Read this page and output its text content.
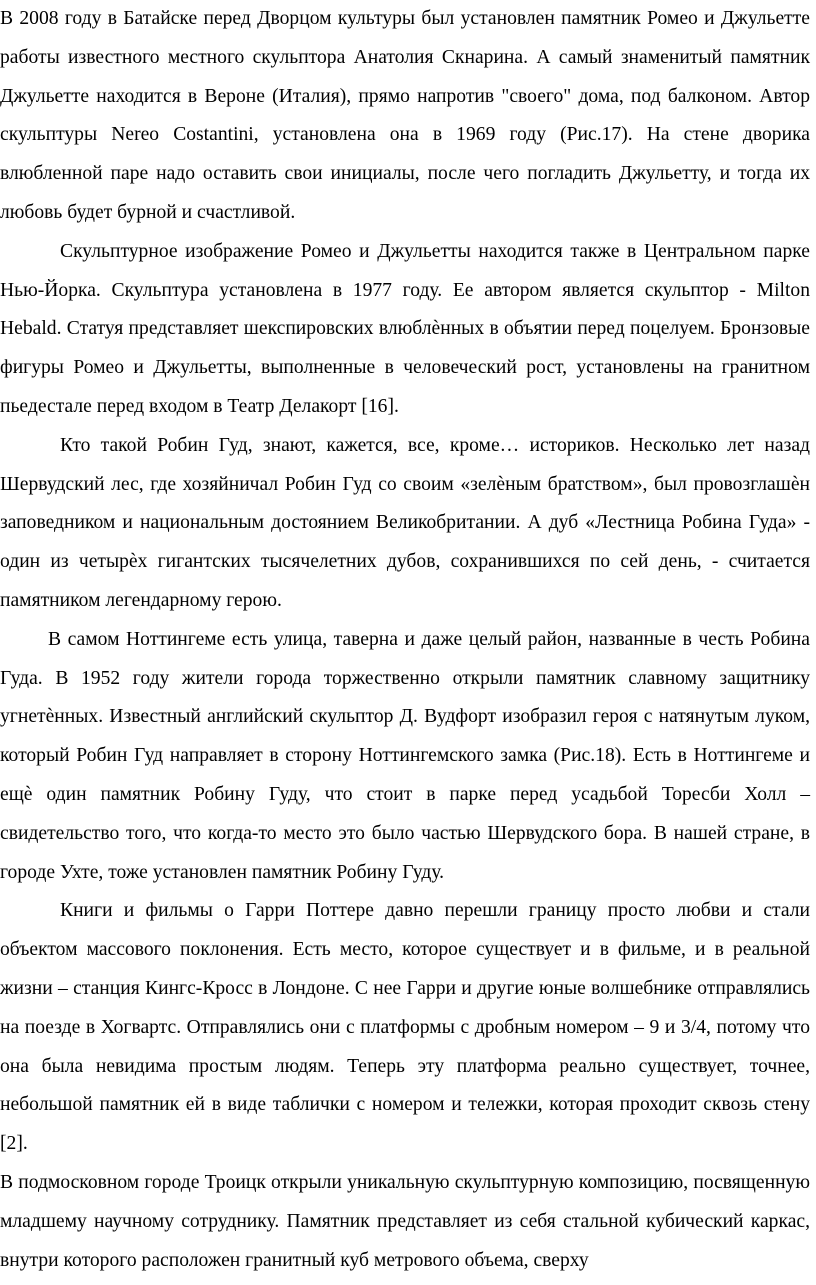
В 2008 году в Батайске перед Дворцом культуры был установлен памятник Ромео и Джульетте работы известного местного скульптора Анатолия Скнарина. А самый знаменитый памятник Джульетте находится в Вероне (Италия), прямо напротив "своего" дома, под балконом. Автор скульптуры Nereo Costantini, установлена она в 1969 году (Рис.17). На стене дворика влюбленной паре надо оставить свои инициалы, после чего погладить Джульетту, и тогда их любовь будет бурной и счастливой.

Скульптурное изображение Ромео и Джульетты находится также в Центральном парке Нью-Йорка. Скульптура установлена в 1977 году. Ее автором является скульптор - Milton Hebald. Статуя представляет шекспировских влюблѐнных в объятии перед поцелуем. Бронзовые фигуры Ромео и Джульетты, выполненные в человеческий рост, установлены на гранитном пьедестале перед входом в Театр Делакорт [16].

Кто такой Робин Гуд, знают, кажется, все, кроме… историков. Несколько лет назад Шервудский лес, где хозяйничал Робин Гуд со своим «зелѐным братством», был провозглашѐн заповедником и национальным достоянием Великобритании. А дуб «Лестница Робина Гуда» - один из четырѐх гигантских тысячелетних дубов, сохранившихся по сей день, - считается памятником легендарному герою.

В самом Ноттингеме есть улица, таверна и даже целый район, названные в честь Робина Гуда. В 1952 году жители города торжественно открыли памятник славному защитнику угнетѐнных. Известный английский скульптор Д. Вудфорт изобразил героя с натянутым луком, который Робин Гуд направляет в сторону Ноттингемского замка (Рис.18). Есть в Ноттингеме и ещѐ один памятник Робину Гуду, что стоит в парке перед усадьбой Торесби Холл – свидетельство того, что когда-то место это было частью Шервудского бора. В нашей стране, в городе Ухте, тоже установлен памятник Робину Гуду.

Книги и фильмы о Гарри Поттере давно перешли границу просто любви и стали объектом массового поклонения. Есть место, которое существует и в фильме, и в реальной жизни – станция Кингс-Кросс в Лондоне. С нее Гарри и другие юные волшебнике отправлялись на поезде в Хогвартс. Отправлялись они с платформы с дробным номером – 9 и 3/4, потому что она была невидима простым людям. Теперь эту платформа реально существует, точнее, небольшой памятник ей в виде таблички с номером и тележки, которая проходит сквозь стену [2].

В подмосковном городе Троицк открыли уникальную скульптурную композицию, посвященную младшему научному сотруднику. Памятник представляет из себя стальной кубический каркас, внутри которого расположен гранитный куб метрового объема, сверху
